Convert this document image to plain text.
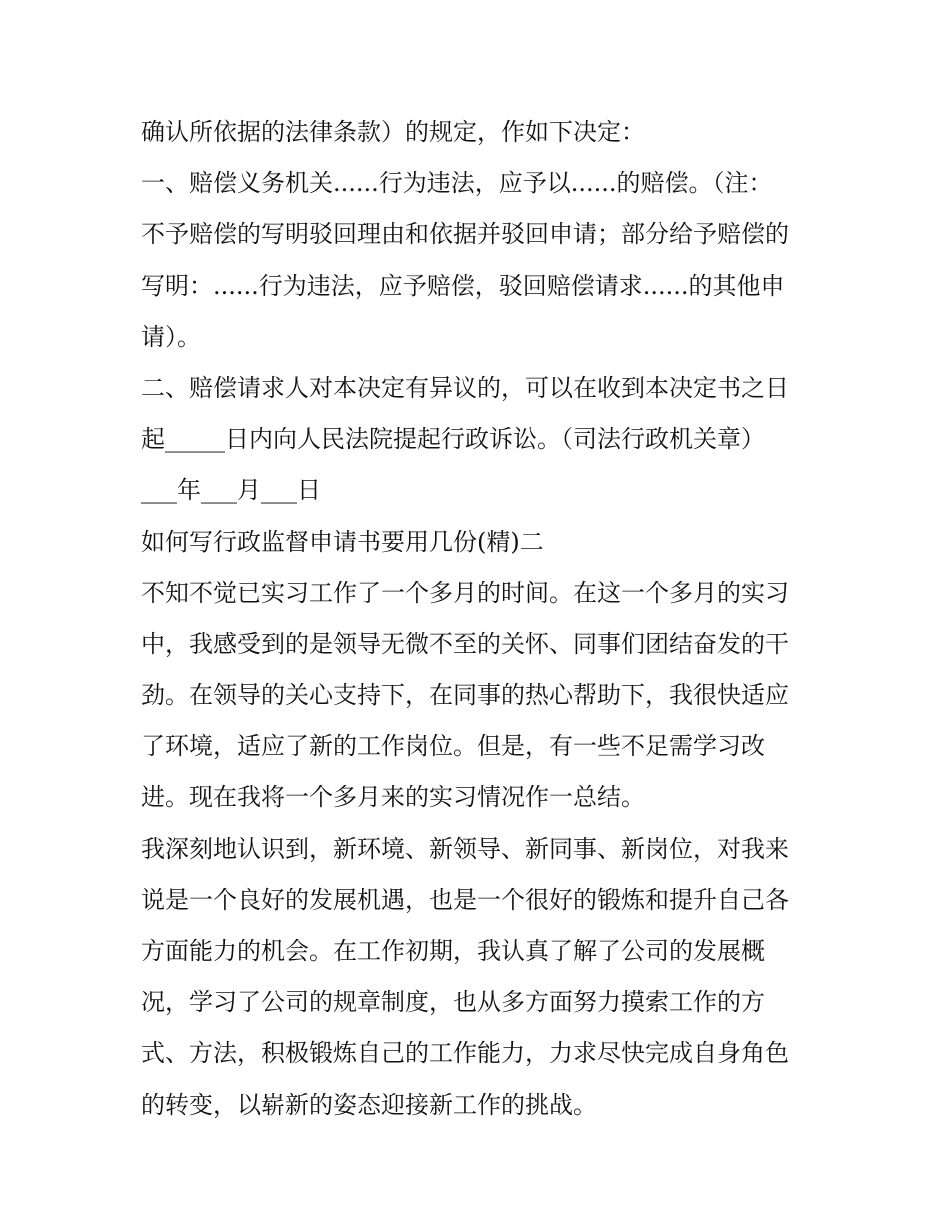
确认所依据的法律条款）的规定，作如下决定：
一、赔偿义务机关......行为违法，应予以......的赔偿。（注：
不予赔偿的写明驳回理由和依据并驳回申请；部分给予赔偿的
写明：......行为违法，应予赔偿，驳回赔偿请求......的其他申
请）。
二、赔偿请求人对本决定有异议的，可以在收到本决定书之日
起_____日内向人民法院提起行政诉讼。（司法行政机关章）
___年___月___日
如何写行政监督申请书要用几份(精)二
不知不觉已实习工作了一个多月的时间。在这一个多月的实习
中，我感受到的是领导无微不至的关怀、同事们团结奋发的干
劲。在领导的关心支持下，在同事的热心帮助下，我很快适应
了环境，适应了新的工作岗位。但是，有一些不足需学习改
进。现在我将一个多月来的实习情况作一总结。
我深刻地认识到，新环境、新领导、新同事、新岗位，对我来
说是一个良好的发展机遇，也是一个很好的锻炼和提升自己各
方面能力的机会。在工作初期，我认真了解了公司的发展概
况，学习了公司的规章制度，也从多方面努力摸索工作的方
式、方法，积极锻炼自己的工作能力，力求尽快完成自身角色
的转变，以崭新的姿态迎接新工作的挑战。
